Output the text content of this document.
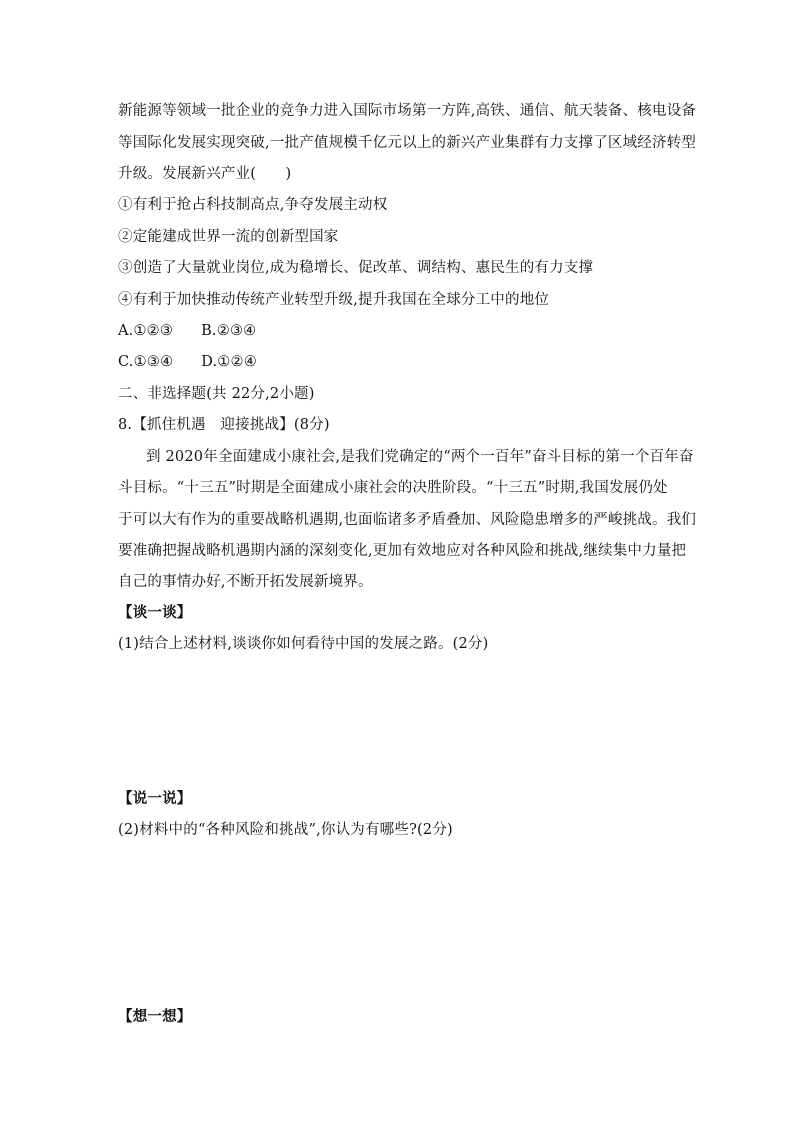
新能源等领域一批企业的竞争力进入国际市场第一方阵,高铁、通信、航天装备、核电设备
等国际化发展实现突破,一批产值规模千亿元以上的新兴产业集群有力支撑了区域经济转型
升级。发展新兴产业(　　)
①有利于抢占科技制高点,争夺发展主动权
②定能建成世界一流的创新型国家
③创造了大量就业岗位,成为稳增长、促改革、调结构、惠民生的有力支撑
④有利于加快推动传统产业转型升级,提升我国在全球分工中的地位
A.①②③ B.②③④
C.①③④ D.①②④
二、非选择题(共 22分,2小题)
8.【抓住机遇　迎接挑战】(8分)
到 2020年全面建成小康社会,是我们党确定的“两个一百年”奋斗目标的第一个百年奋
斗目标。“十三五”时期是全面建成小康社会的决胜阶段。“十三五”时期,我国发展仍处
于可以大有作为的重要战略机遇期,也面临诸多矛盾叠加、风险隐患增多的严峻挑战。我们
要准确把握战略机遇期内涵的深刻变化,更加有效地应对各种风险和挑战,继续集中力量把
自己的事情办好,不断开拓发展新境界。
【谈一谈】
(1)结合上述材料,谈谈你如何看待中国的发展之路。(2分)
【说一说】
(2)材料中的“各种风险和挑战”,你认为有哪些?(2分)
【想一想】
